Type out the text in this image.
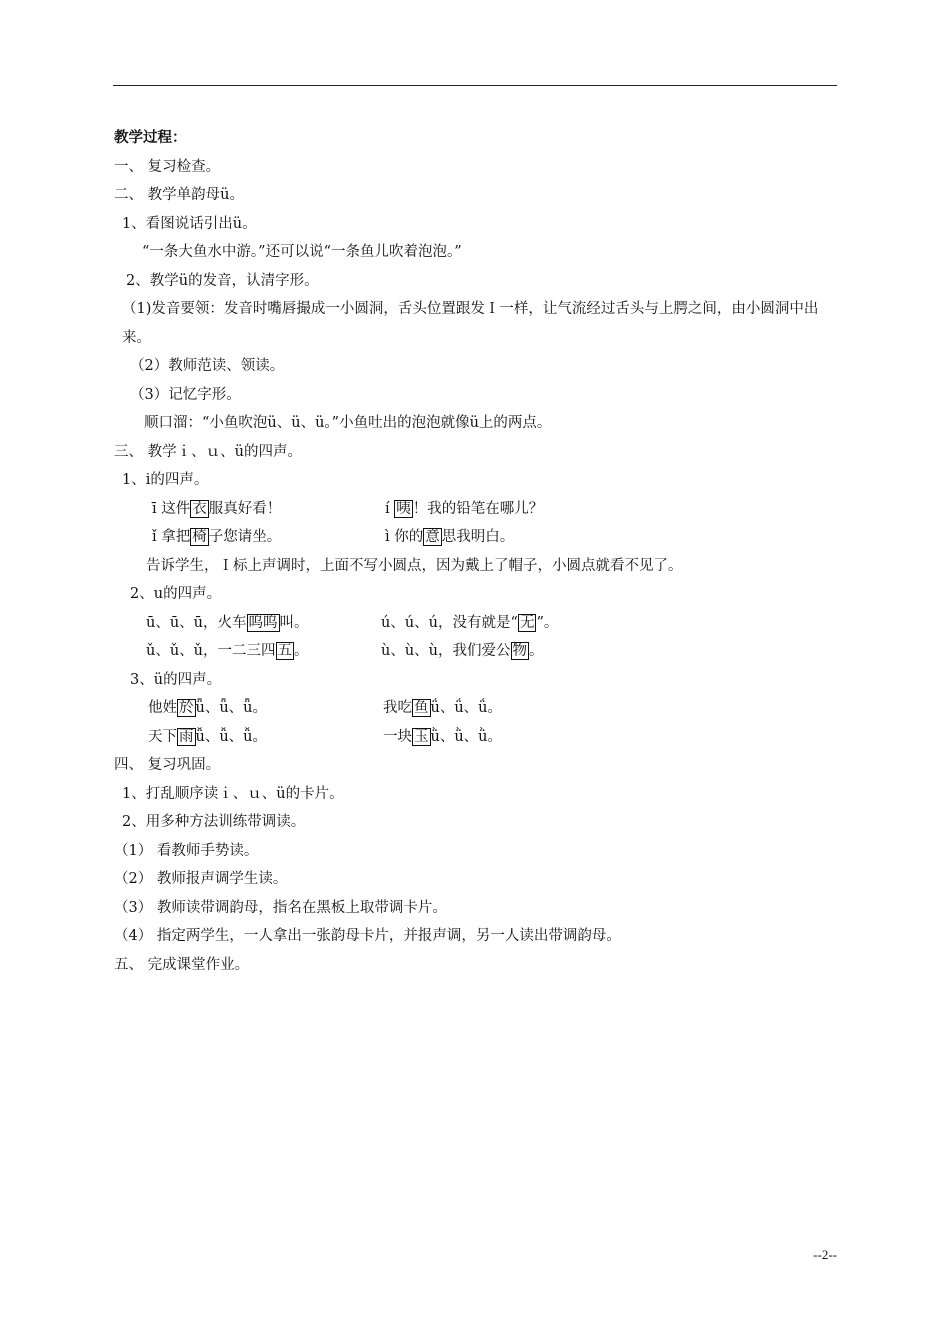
教学过程：
一、 复习检查。
二、 教学单韵母ü。
1、看图说话引出ü。
“一条大鱼水中游。”还可以说“一条鱼儿吹着泡泡。”
2、教学ü的发音，认清字形。
（1)发音要领：发音时嘴唇撮成一小圆洞，舌头位置跟发Ｉ一样，让气流经过舌头与上腭之间，由小圆洞中出来。
（2）教师范读、领读。
（3）记忆字形。
顺口溜：“小鱼吹泡ü、ü、ü。”小鱼吐出的泡泡就像ü上的两点。
三、 教学ｉ、ｕ、ü的四声。
1、i的四声。
ī 这件 衣 服真好看！	í 咦 ！我的铅笔在哪儿？
ǐ 拿把 椅 子您请坐。	ì 你的 意 思我明白。
告诉学生，Ｉ标上声调时，上面不写小圆点，因为戴上了帽子，小圆点就看不见了。
2、u的四声。
ū、ū、ū，火车 呜呜 叫。	ú、ú、ú，没有就是“ 无 ”。
ǔ、ǔ、ǔ，一二三四 五 。	ù、ù、ù，我们爱公 物 。
3、ü的四声。
他姓 於 ǖ、ǖ、ǖ。	我吃 鱼 ǘ、ǘ、ǘ。
天下 雨 ǚ、ǚ、ǚ。	一块 玉 ǜ、ǜ、ǜ。
四、 复习巩固。
1、打乱顺序读ｉ、ｕ、ü的卡片。
2、用多种方法训练带调读。
（1） 看教师手势读。
（2） 教师报声调学生读。
（3） 教师读带调韵母，指名在黑板上取带调卡片。
（4） 指定两学生，一人拿出一张韵母卡片，并报声调，另一人读出带调韵母。
五、 完成课堂作业。
--2--
